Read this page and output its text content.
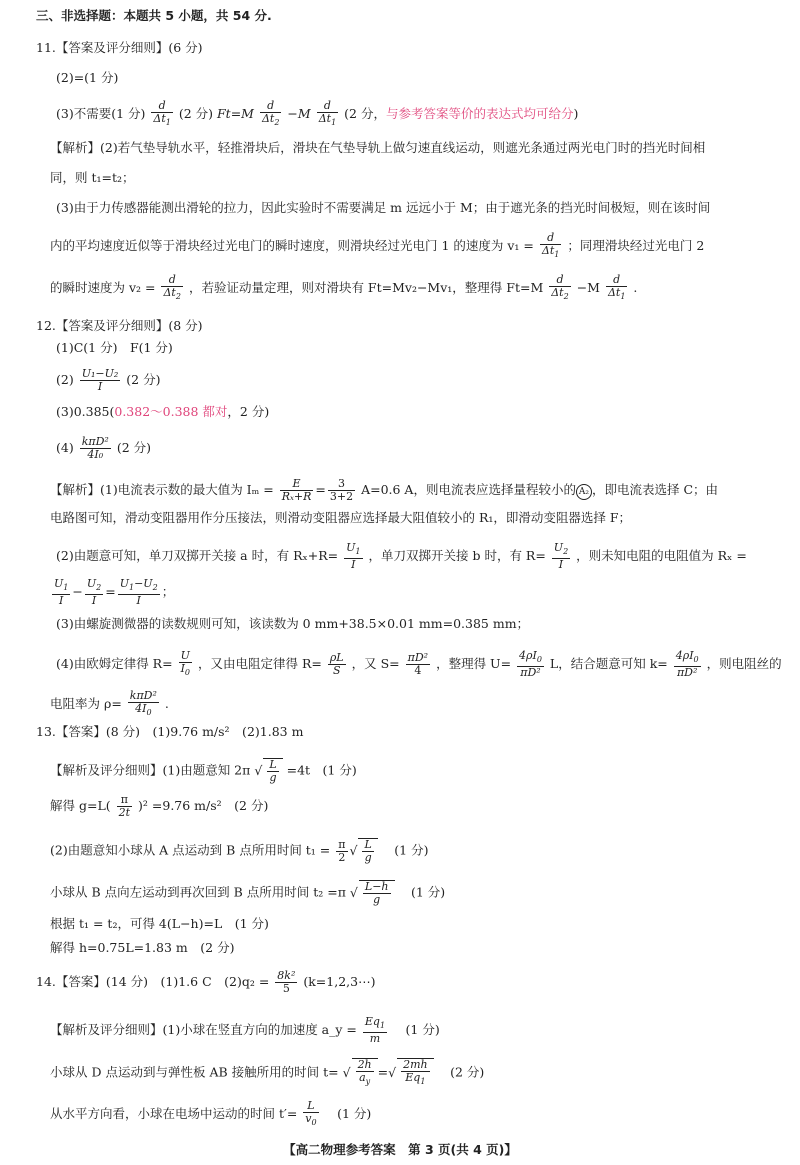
三、非选择题：本题共 5 小题，共 54 分.
11.【答案及评分细则】(6 分)
(2)=(1 分)
(3)不需要(1 分) $\frac{d}{\Delta t_1} (2$ 分) $Ft=M \frac{d}{\Delta t_2} -M \frac{d}{\Delta t_1} (2$ 分，与参考答案等价的表达式均可给分)
【解析】(2)若气垫导轨水平，轻推滑块后，滑块在气垫导轨上做匀速直线运动，则遮光条通过两光电门时的挡光时间相
同，则 t₁=t₂；
(3)由于力传感器能测出滑轮的拉力，因此实验时不需要满足 m 远远小于 M；由于遮光条的挡光时间极短，则在该时间
内的平均速度近似等于滑块经过光电门的瞬时速度，则滑块经过光电门 1 的速度为 $v_1 = \frac{d}{\Delta t_1}$ ；同理滑块经过光电门 2
的瞬时速度为 $v_2 = \frac{d}{\Delta t_2}$ ，若验证动量定理，则对滑块有 Ft=Mv₂−Mv₁，整理得 $Ft=M \frac{d}{\Delta t_2} -M \frac{d}{\Delta t_1}$ .
12.【答案及评分细则】(8 分)
(1)C(1 分)　F(1 分)
$(2) \frac{\text{U₁−U₂}}{I} (2$ 分)
(3)0.385(0.382～0.388 都对，2 分)
$(4) \frac{\text{kπD²}}{\text{4I₀}} (2$ 分)
【解析】(1)电流表示数的最大值为 $I_m = \frac{E}{\text{Rₓ+R}} = \frac{3}{3+2} A=0.6$ A，则电流表应选择量程较小的 A₂ ，即电流表选择 C；由
电路图可知，滑动变阻器用作分压接法，则滑动变阻器应选择最大阻值较小的 R₁，即滑动变阻器选择 F；
(2)由题意可知，单刀双掷开关接 a 时，有 $R_x+R= \frac{U_1}{I}$ ，单刀双掷开关接 b 时，有 $R= \frac{U_2}{I}$ ，则未知电阻的电阻值为 Rₓ =
$\frac{U_1}{I} - \frac{U_2}{I} = \frac{U_1-U_2}{I}$ ；
(3)由螺旋测微器的读数规则可知，该读数为 0 mm+38.5×0.01 mm=0.385 mm；
(4)由欧姆定律得 $R= \frac{U}{I_0}$ ，又由电阻定律得 $R= \frac{\rho L}{S}$ ，又 $S= \frac{\text{πD²}}{4}$ ，整理得 $U= \frac{4\rho I_0}{\text{πD²}}$ L，结合题意可知 $k= \frac{4\rho I_0}{\text{πD²}}$ ，则电阻丝的
电阻率为 $\rho= \frac{\text{kπD²}}{4I_0}$ .
13.【答案】(8 分)　(1)9.76 m/s²　(2)1.83 m
【解析及评分细则】(1)由题意知 2π √ $\frac{L}{g} =4t$　(1 分)
解得 $g=L( \frac{\pi}{2t} )^2 =9.76$ m/s²　(2 分)
(2)由题意知小球从 A 点运动到 B 点所用时间 $t_1 = \frac{\pi}{2}$ √ $\frac{L}{g}$ 　(1 分)
小球从 B 点向左运动到再次回到 B 点所用时间 t₂ =π √ $\frac{L-h}{g}$ 　(1 分)
根据 t₁ = t₂，可得 4(L−h)=L　(1 分)
解得 h=0.75L=1.83 m　(2 分)
14.【答案】(14 分)　(1)1.6 C　$(2)q_2 = \frac{\text{8k²}}{5}$ (k=1,2,3⋯)
【解析及评分细则】(1)小球在竖直方向的加速度 a_y = $\frac{Eq_1}{m}$ 　(1 分)
小球从 D 点运动到与弹性板 AB 接触所用的时间 t= √ $\frac{2h}{a_y}$ =√ $\frac{2mh}{Eq_1}$ 　(2 分)
从水平方向看，小球在电场中运动的时间 $t'= \frac{L}{v_0}$ 　(1 分)
【高二物理参考答案　第 3 页(共 4 页)】
